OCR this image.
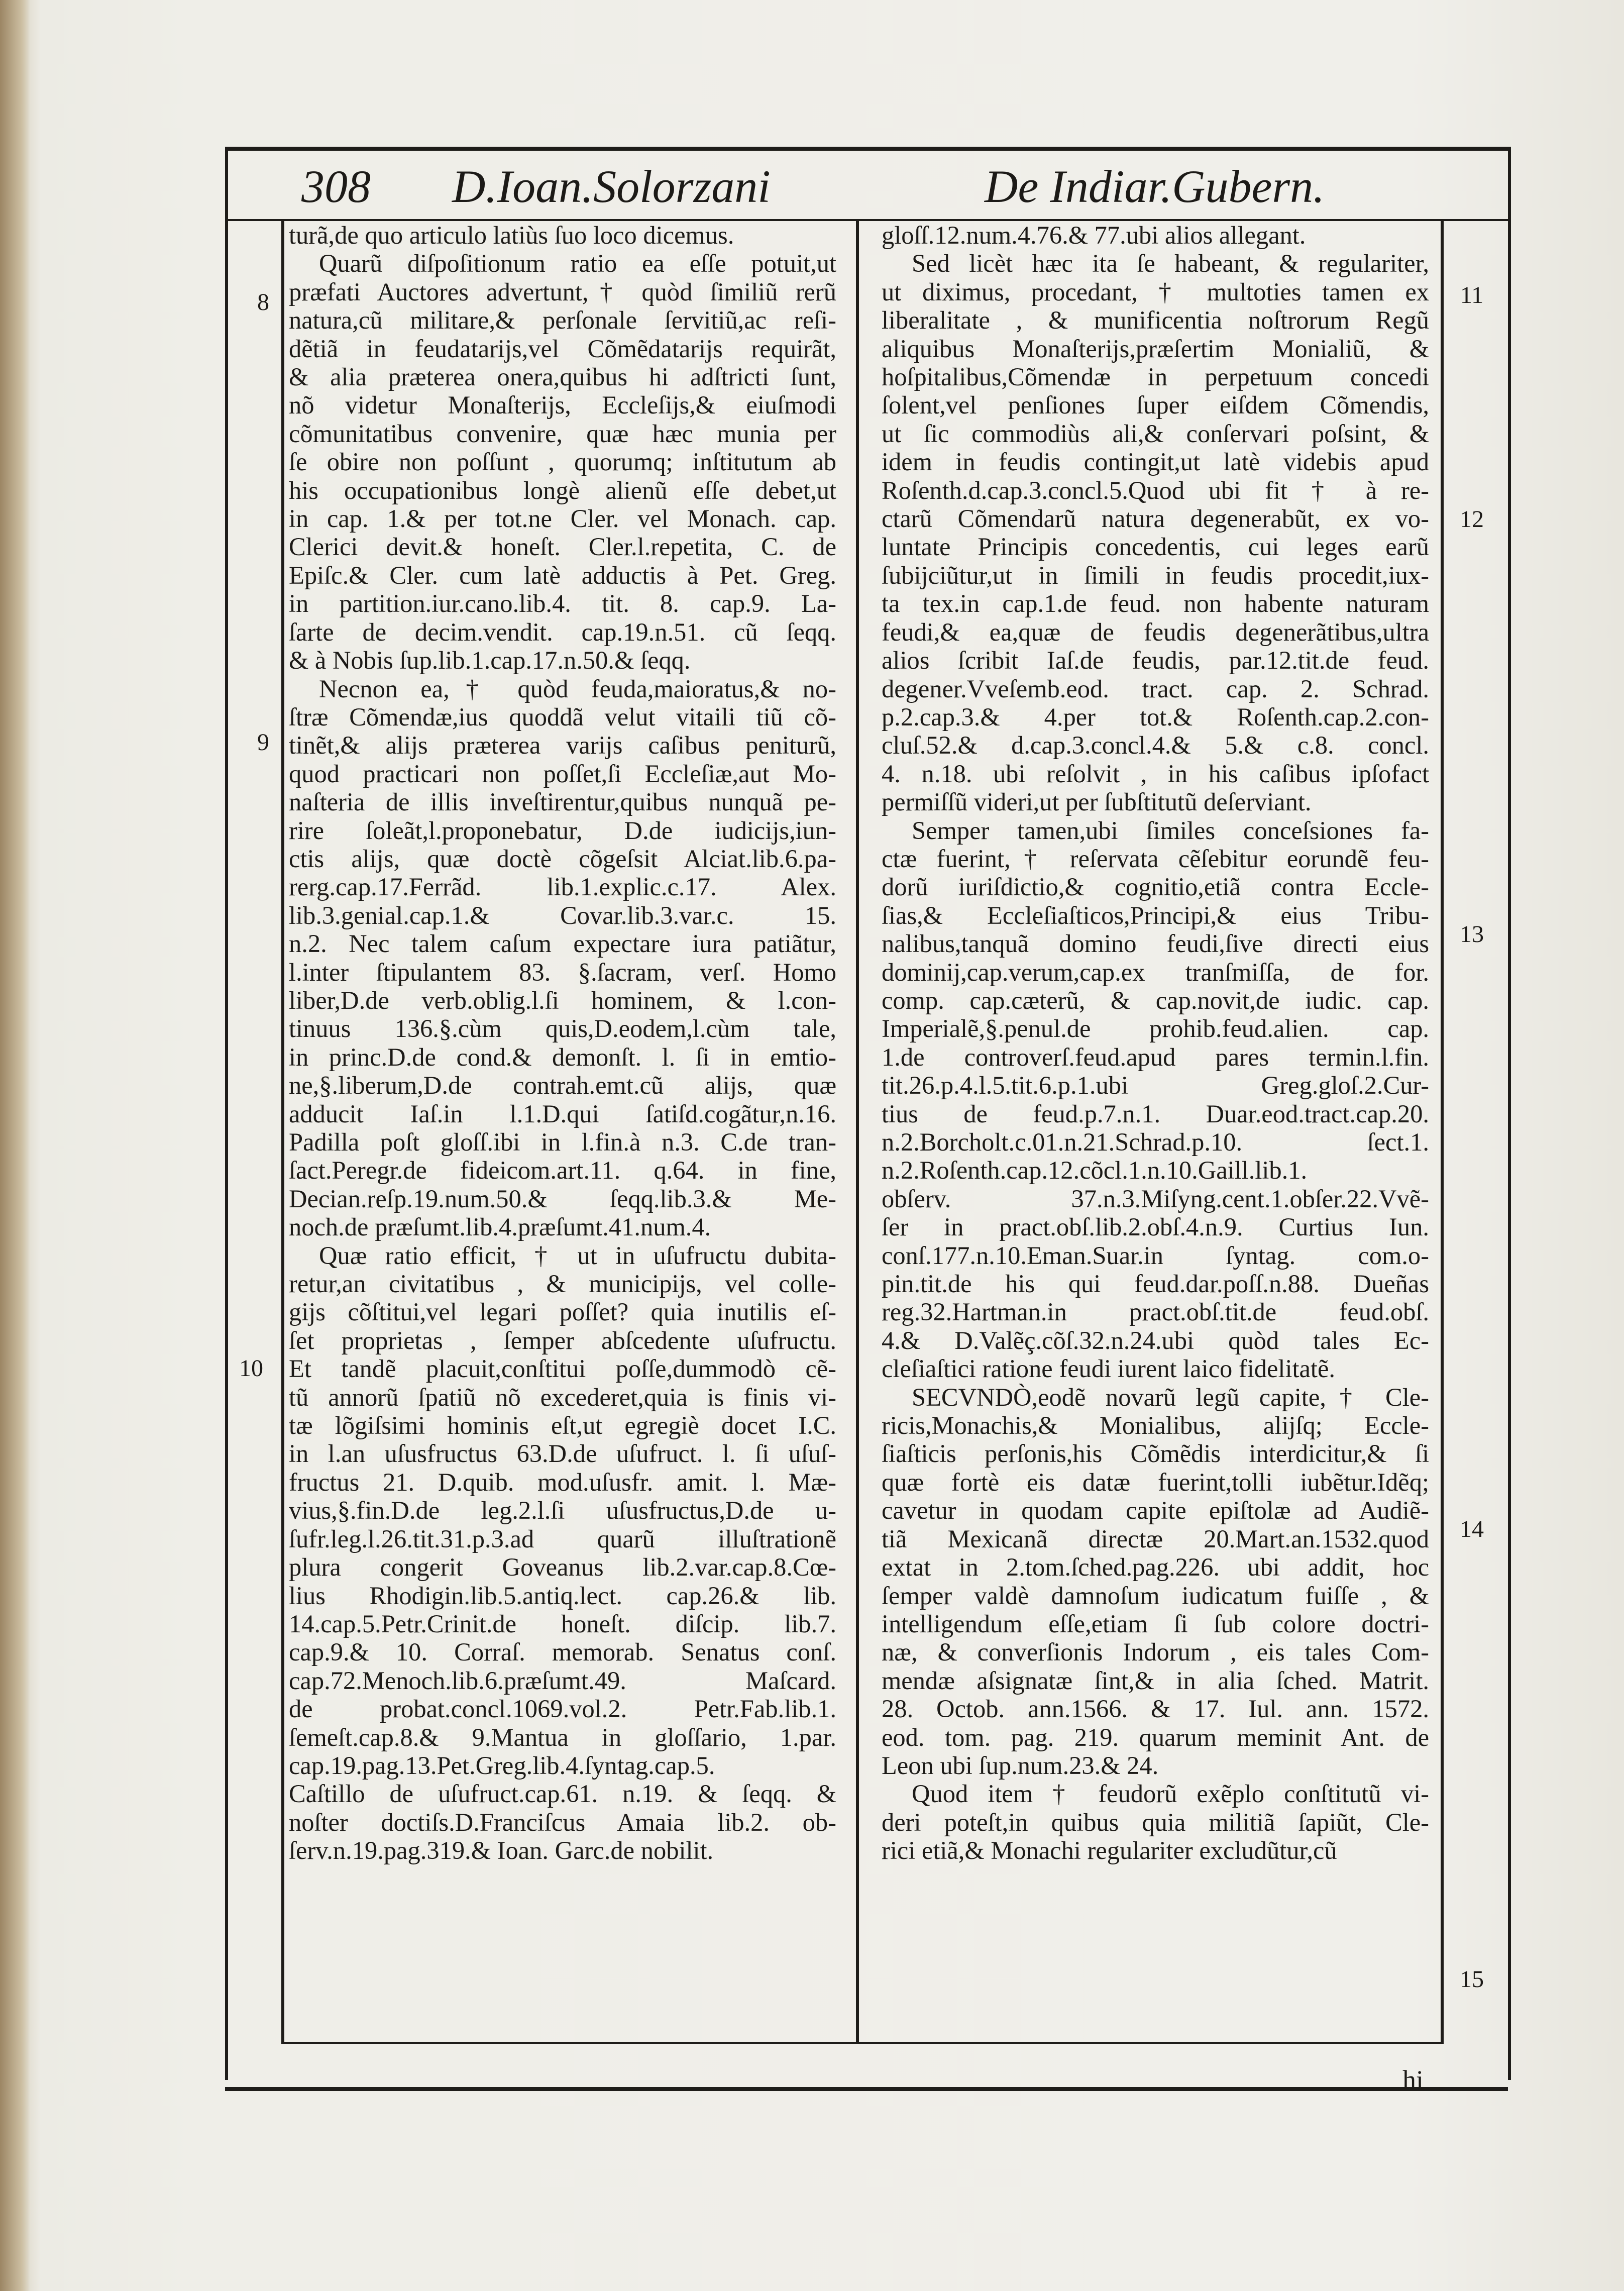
308 D.Ioan.Solorzani	De Indiar.Gubern.

turã,de quo articulo latiùs ſuo loco dicemus.

Quarũ diſpoſitionum ratio ea eſſe potuit,ut

præfati Auctores advertunt,† quòd ſimiliũ rerũ

natura,cũ militare,& perſonale ſervitiũ,ac reſi-

dẽtiã in feudatarijs,vel Cõmẽdatarijs requirãt,

& alia præterea onera,quibus hi adſtricti ſunt,

nõ videtur Monaſterijs, Eccleſijs,& eiuſmodi

cõmunitatibus convenire, quæ hæc munia per

ſe obire non poſſunt , quorumq; inſtitutum ab

his occupationibus longè alienũ eſſe debet,ut

in cap. 1.& per tot.ne Cler. vel Monach. cap.

Clerici devit.& honeſt. Cler.l.repetita, C. de

Epiſc.& Cler. cum latè adductis à Pet. Greg.

in partition.iur.cano.lib.4. tit. 8. cap.9. La-

ſarte de decim.vendit. cap.19.n.51. cũ ſeqq.

& à Nobis ſup.lib.1.cap.17.n.50.& ſeqq.

Necnon ea,† quòd feuda,maioratus,& no-

ſtræ Cõmendæ,ius quoddã velut vitaili tiũ cõ-

tinẽt,& alijs præterea varijs caſibus peniturũ,

quod practicari non poſſet,ſi Eccleſiæ,aut Mo-

naſteria de illis inveſtirentur,quibus nunquã pe-

rire ſoleãt,l.proponebatur, D.de iudicijs,iun-

ctis alijs, quæ doctè cõgeſsit Alciat.lib.6.pa-

rerg.cap.17.Ferrãd. lib.1.explic.c.17. Alex.

lib.3.genial.cap.1.& Covar.lib.3.var.c. 15.

n.2. Nec talem caſum expectare iura patiãtur,

l.inter ſtipulantem 83. §.ſacram, verſ. Homo

liber,D.de verb.oblig.l.ſi hominem, & l.con-

tinuus 136.§.cùm quis,D.eodem,l.cùm tale,

in princ.D.de cond.& demonſt. l. ſi in emtio-

ne,§.liberum,D.de contrah.emt.cũ alijs, quæ

adducit Iaſ.in l.1.D.qui ſatiſd.cogãtur,n.16.

Padilla poſt gloſſ.ibi in l.fin.à n.3. C.de tran-

ſact.Peregr.de fideicom.art.11. q.64. in fine,

Decian.reſp.19.num.50.& ſeqq.lib.3.& Me-

noch.de præſumt.lib.4.præſumt.41.num.4.

Quæ ratio efficit, † ut in uſufructu dubita-

retur,an civitatibus , & municipijs, vel colle-

gijs cõſtitui,vel legari poſſet? quia inutilis eſ-

ſet proprietas , ſemper abſcedente uſufructu.

Et tandẽ placuit,conſtitui poſſe,dummodò cẽ-

tũ annorũ ſpatiũ nõ excederet,quia is finis vi-

tæ lõgiſsimi hominis eſt,ut egregiè docet I.C.

in l.an uſusfructus 63.D.de uſufruct. l. ſi uſuſ-

fructus 21. D.quib. mod.uſusfr. amit. l. Mæ-

vius,§.fin.D.de leg.2.l.ſi uſusfructus,D.de u-

ſufr.leg.l.26.tit.31.p.3.ad quarũ illuſtrationẽ

plura congerit Goveanus lib.2.var.cap.8.Cœ-

lius Rhodigin.lib.5.antiq.lect. cap.26.& lib.

14.cap.5.Petr.Crinit.de honeſt. diſcip. lib.7.

cap.9.& 10. Corraſ. memorab. Senatus conſ.

cap.72.Menoch.lib.6.præſumt.49. Maſcard.

de probat.concl.1069.vol.2. Petr.Fab.lib.1.

ſemeſt.cap.8.& 9.Mantua in gloſſario, 1.par.

cap.19.pag.13.Pet.Greg.lib.4.ſyntag.cap.5.

Caſtillo de uſufruct.cap.61. n.19. & ſeqq. &

noſter doctiſs.D.Franciſcus Amaia lib.2. ob-

ſerv.n.19.pag.319.& Ioan. Garc.de nobilit.

gloſſ.12.num.4.76.& 77.ubi alios allegant.

Sed licèt hæc ita ſe habeant, & regulariter,

ut diximus, procedant, † multoties tamen ex

liberalitate , & munificentia noſtrorum Regũ

aliquibus Monaſterijs,præſertim Monialiũ, &

hoſpitalibus,Cõmendæ in perpetuum concedi

ſolent,vel penſiones ſuper eiſdem Cõmendis,

ut ſic commodiùs ali,& conſervari poſsint, &

idem in feudis contingit,ut latè videbis apud

Roſenth.d.cap.3.concl.5.Quod ubi fit † à re-

ctarũ Cõmendarũ natura degenerabũt, ex vo-

luntate Principis concedentis, cui leges earũ

ſubijciũtur,ut in ſimili in feudis procedit,iux-

ta tex.in cap.1.de feud. non habente naturam

feudi,& ea,quæ de feudis degenerãtibus,ultra

alios ſcribit Iaſ.de feudis, par.12.tit.de feud.

degener.Vveſemb.eod. tract. cap. 2. Schrad.

p.2.cap.3.& 4.per tot.& Roſenth.cap.2.con-

cluſ.52.& d.cap.3.concl.4.& 5.& c.8. concl.

4. n.18. ubi reſolvit , in his caſibus ipſofact

permiſſũ videri,ut per ſubſtitutũ deſerviant.

Semper tamen,ubi ſimiles conceſsiones fa-

ctæ fuerint,† reſervata cẽſebitur eorundẽ feu-

dorũ iuriſdictio,& cognitio,etiã contra Eccle-

ſias,& Eccleſiaſticos,Principi,& eius Tribu-

nalibus,tanquã domino feudi,ſive directi eius

dominij,cap.verum,cap.ex tranſmiſſa, de for.

comp. cap.cæterũ, & cap.novit,de iudic. cap.

Imperialẽ,§.penul.de prohib.feud.alien. cap.

1.de controverſ.feud.apud pares termin.l.fin.

tit.26.p.4.l.5.tit.6.p.1.ubi Greg.gloſ.2.Cur-

tius de feud.p.7.n.1. Duar.eod.tract.cap.20.

n.2.Borcholt.c.01.n.21.Schrad.p.10. ſect.1.

n.2.Roſenth.cap.12.cõcl.1.n.10.Gaill.lib.1.

obſerv. 37.n.3.Miſyng.cent.1.obſer.22.Vvẽ-

ſer in pract.obſ.lib.2.obſ.4.n.9. Curtius Iun.

conſ.177.n.10.Eman.Suar.in ſyntag. com.o-

pin.tit.de his qui feud.dar.poſſ.n.88. Dueñas

reg.32.Hartman.in pract.obſ.tit.de feud.obſ.

4.& D.Valẽç.cõſ.32.n.24.ubi quòd tales Ec-

cleſiaſtici ratione feudi iurent laico fidelitatẽ.

SECVNDÒ,eodẽ novarũ legũ capite,† Cle-

ricis,Monachis,& Monialibus, alijſq; Eccle-

ſiaſticis perſonis,his Cõmẽdis interdicitur,& ſi

quæ fortè eis datæ fuerint,tolli iubẽtur.Idẽq;

cavetur in quodam capite epiſtolæ ad Audiẽ-

tiã Mexicanã directæ 20.Mart.an.1532.quod

extat in 2.tom.ſched.pag.226. ubi addit, hoc

ſemper valdè damnoſum iudicatum fuiſſe , &

intelligendum eſſe,etiam ſi ſub colore doctri-

næ, & converſionis Indorum , eis tales Com-

mendæ aſsignatæ ſint,& in alia ſched. Matrit.

28. Octob. ann.1566. & 17. Iul. ann. 1572.

eod. tom. pag. 219. quarum meminit Ant. de

Leon ubi ſup.num.23.& 24.

Quod item † feudorũ exẽplo conſtitutũ vi-

deri poteſt,in quibus quia militiã ſapiũt, Cle-

rici etiã,& Monachi regulariter excludũtur,cũ

8
9
10
11
12
13
14
15
hi
